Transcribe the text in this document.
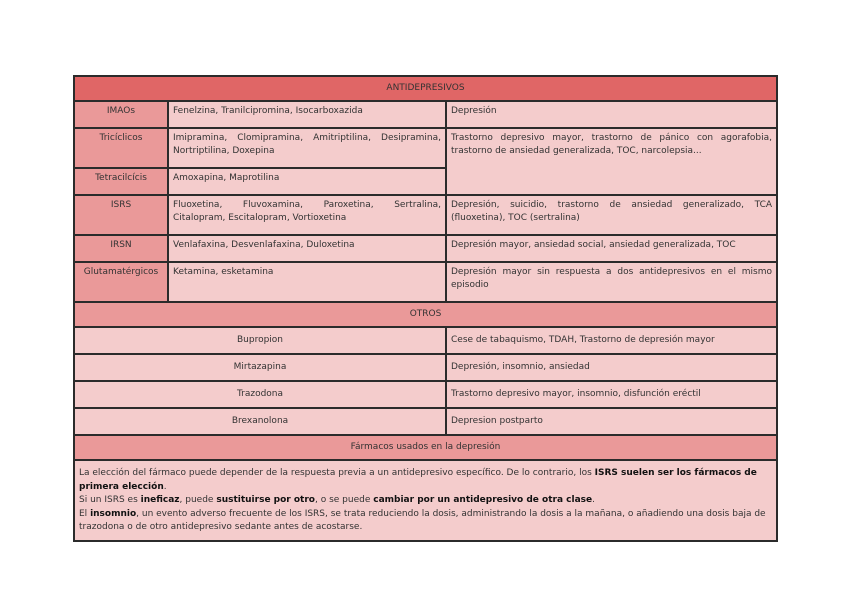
ANTIDEPRESIVOS		
IMAOs	Fenelzina, Tranilcipromina, Isocarboxazida	Depresión
Tricíclicos	Imipramina, Clomipramina, Amitriptilina, Desipramina, Nortriptilina, Doxepina	Trastorno depresivo mayor, trastorno de pánico con agorafobia, trastorno de ansiedad generalizada, TOC, narcolepsia...
Tetracilcícis	Amoxapina, Maprotilina	
ISRS	Fluoxetina, Fluvoxamina, Paroxetina, Sertralina, Citalopram, Escitalopram, Vortioxetina	Depresión, suicidio, trastorno de ansiedad generalizado, TCA (fluoxetina), TOC (sertralina)
IRSN	Venlafaxina, Desvenlafaxina, Duloxetina	Depresión mayor, ansiedad social, ansiedad generalizada, TOC
Glutamatérgicos	Ketamina, esketamina	Depresión mayor sin respuesta a dos antidepresivos en el mismo episodio
OTROS		
Bupropion		Cese de tabaquismo, TDAH, Trastorno de depresión mayor
Mirtazapina		Depresión, insomnio, ansiedad
Trazodona		Trastorno depresivo mayor, insomnio, disfunción eréctil
Brexanolona		Depresion postparto
Fármacos usados en la depresión		

La elección del fármaco puede depender de la respuesta previa a un antidepresivo específico. De lo contrario, los ISRS suelen ser los fármacos de primera elección.

Si un ISRS es ineficaz, puede sustituirse por otro, o se puede cambiar por un antidepresivo de otra clase.

El insomnio, un evento adverso frecuente de los ISRS, se trata reduciendo la dosis, administrando la dosis a la mañana, o añadiendo una dosis baja de trazodona o de otro antidepresivo sedante antes de acostarse.		
